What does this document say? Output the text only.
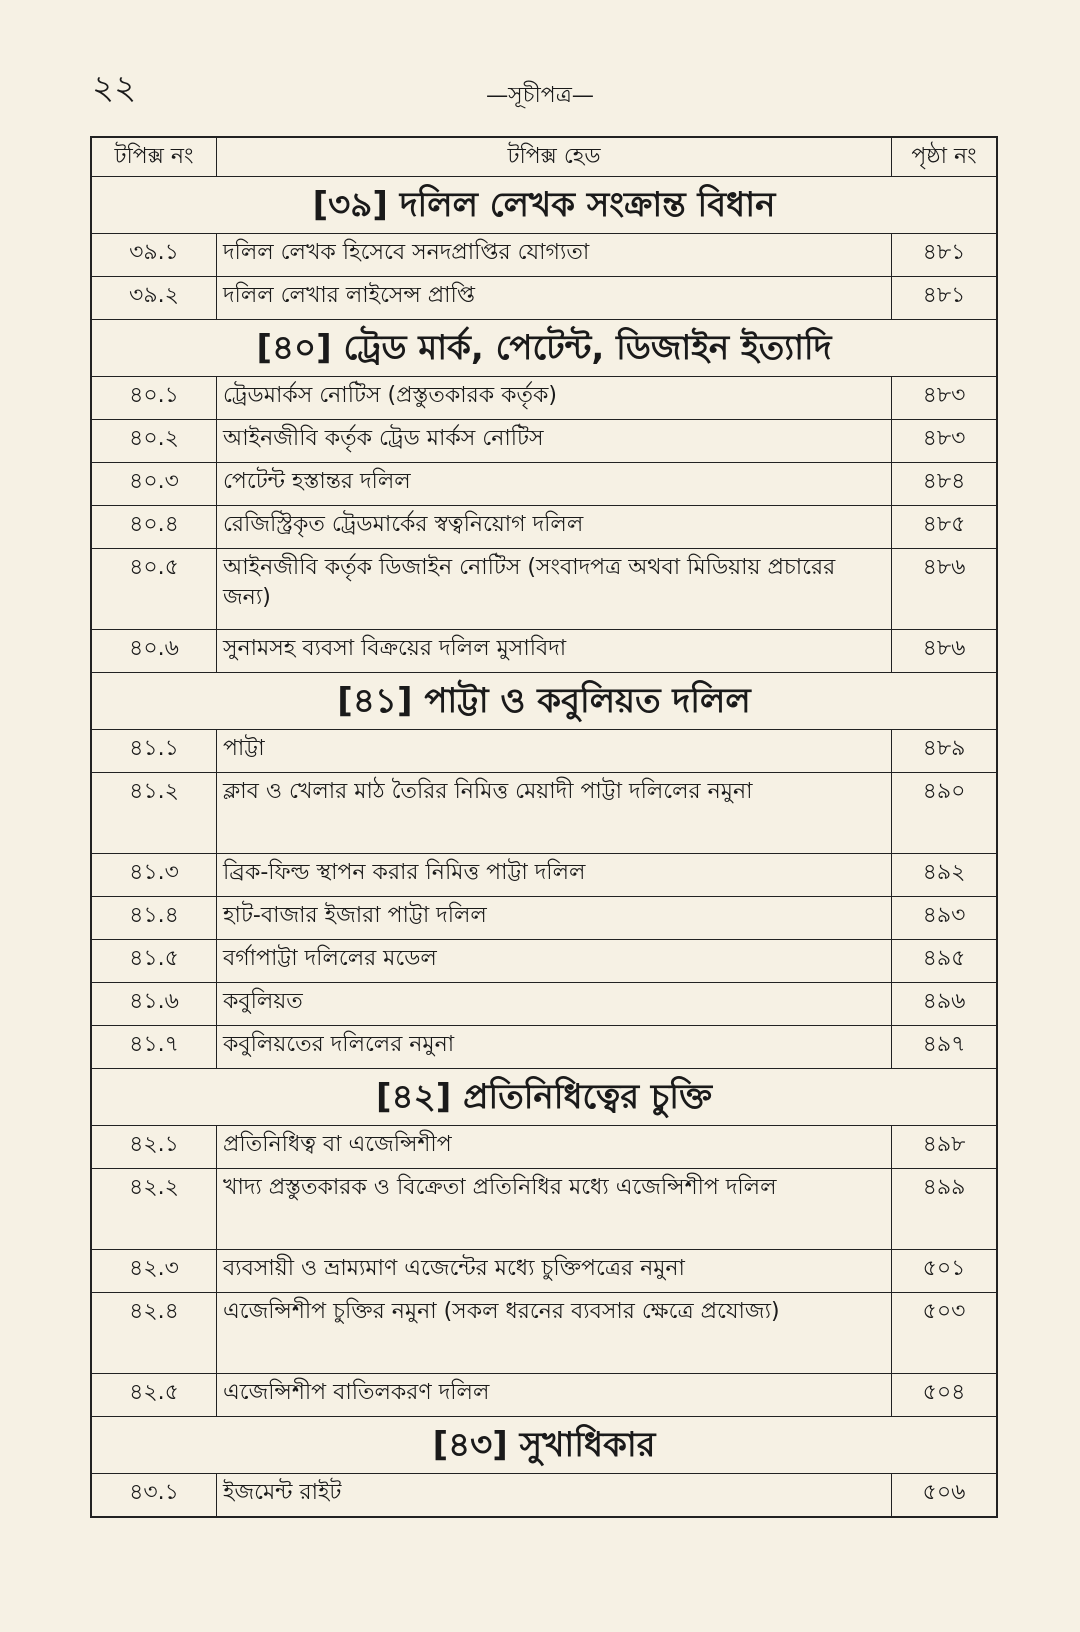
২২	—সূচীপত্র—
টপিক্স নং	টপিক্স হেড	পৃষ্ঠা নং
[৩৯] দলিল লেখক সংক্রান্ত বিধান		
৩৯.১	দলিল লেখক হিসেবে সনদপ্রাপ্তির যোগ্যতা	৪৮১
৩৯.২	দলিল লেখার লাইসেন্স প্রাপ্তি	৪৮১
[৪০] ট্রেড মার্ক, পেটেন্ট, ডিজাইন ইত্যাদি		
৪০.১	ট্রেডমার্কস নোটিস (প্রস্তুতকারক কর্তৃক)	৪৮৩
৪০.২	আইনজীবি কর্তৃক ট্রেড মার্কস নোটিস	৪৮৩
৪০.৩	পেটেন্ট হস্তান্তর দলিল	৪৮৪
৪০.৪	রেজিস্ট্রিকৃত ট্রেডমার্কের স্বত্বনিয়োগ দলিল	৪৮৫
৪০.৫	আইনজীবি কর্তৃক ডিজাইন নোটিস (সংবাদপত্র অথবা মিডিয়ায় প্রচারের জন্য)	৪৮৬
৪০.৬	সুনামসহ ব্যবসা বিক্রয়ের দলিল মুসাবিদা	৪৮৬
[৪১] পাট্টা ও কবুলিয়ত দলিল		
৪১.১	পাট্টা	৪৮৯
৪১.২	ক্লাব ও খেলার মাঠ তৈরির নিমিত্ত মেয়াদী পাট্টা দলিলের নমুনা	৪৯০
৪১.৩	ব্রিক-ফিল্ড স্থাপন করার নিমিত্ত পাট্টা দলিল	৪৯২
৪১.৪	হাট-বাজার ইজারা পাট্টা দলিল	৪৯৩
৪১.৫	বর্গাপাট্টা দলিলের মডেল	৪৯৫
৪১.৬	কবুলিয়ত	৪৯৬
৪১.৭	কবুলিয়তের দলিলের নমুনা	৪৯৭
[৪২] প্রতিনিধিত্বের চুক্তি		
৪২.১	প্রতিনিধিত্ব বা এজেন্সিশীপ	৪৯৮
৪২.২	খাদ্য প্রস্তুতকারক ও বিক্রেতা প্রতিনিধির মধ্যে এজেন্সিশীপ দলিল	৪৯৯
৪২.৩	ব্যবসায়ী ও ভ্রাম্যমাণ এজেন্টের মধ্যে চুক্তিপত্রের নমুনা	৫০১
৪২.৪	এজেন্সিশীপ চুক্তির নমুনা (সকল ধরনের ব্যবসার ক্ষেত্রে প্রযোজ্য)	৫০৩
৪২.৫	এজেন্সিশীপ বাতিলকরণ দলিল	৫০৪
[৪৩] সুখাধিকার		
৪৩.১	ইজমেন্ট রাইট	৫০৬
